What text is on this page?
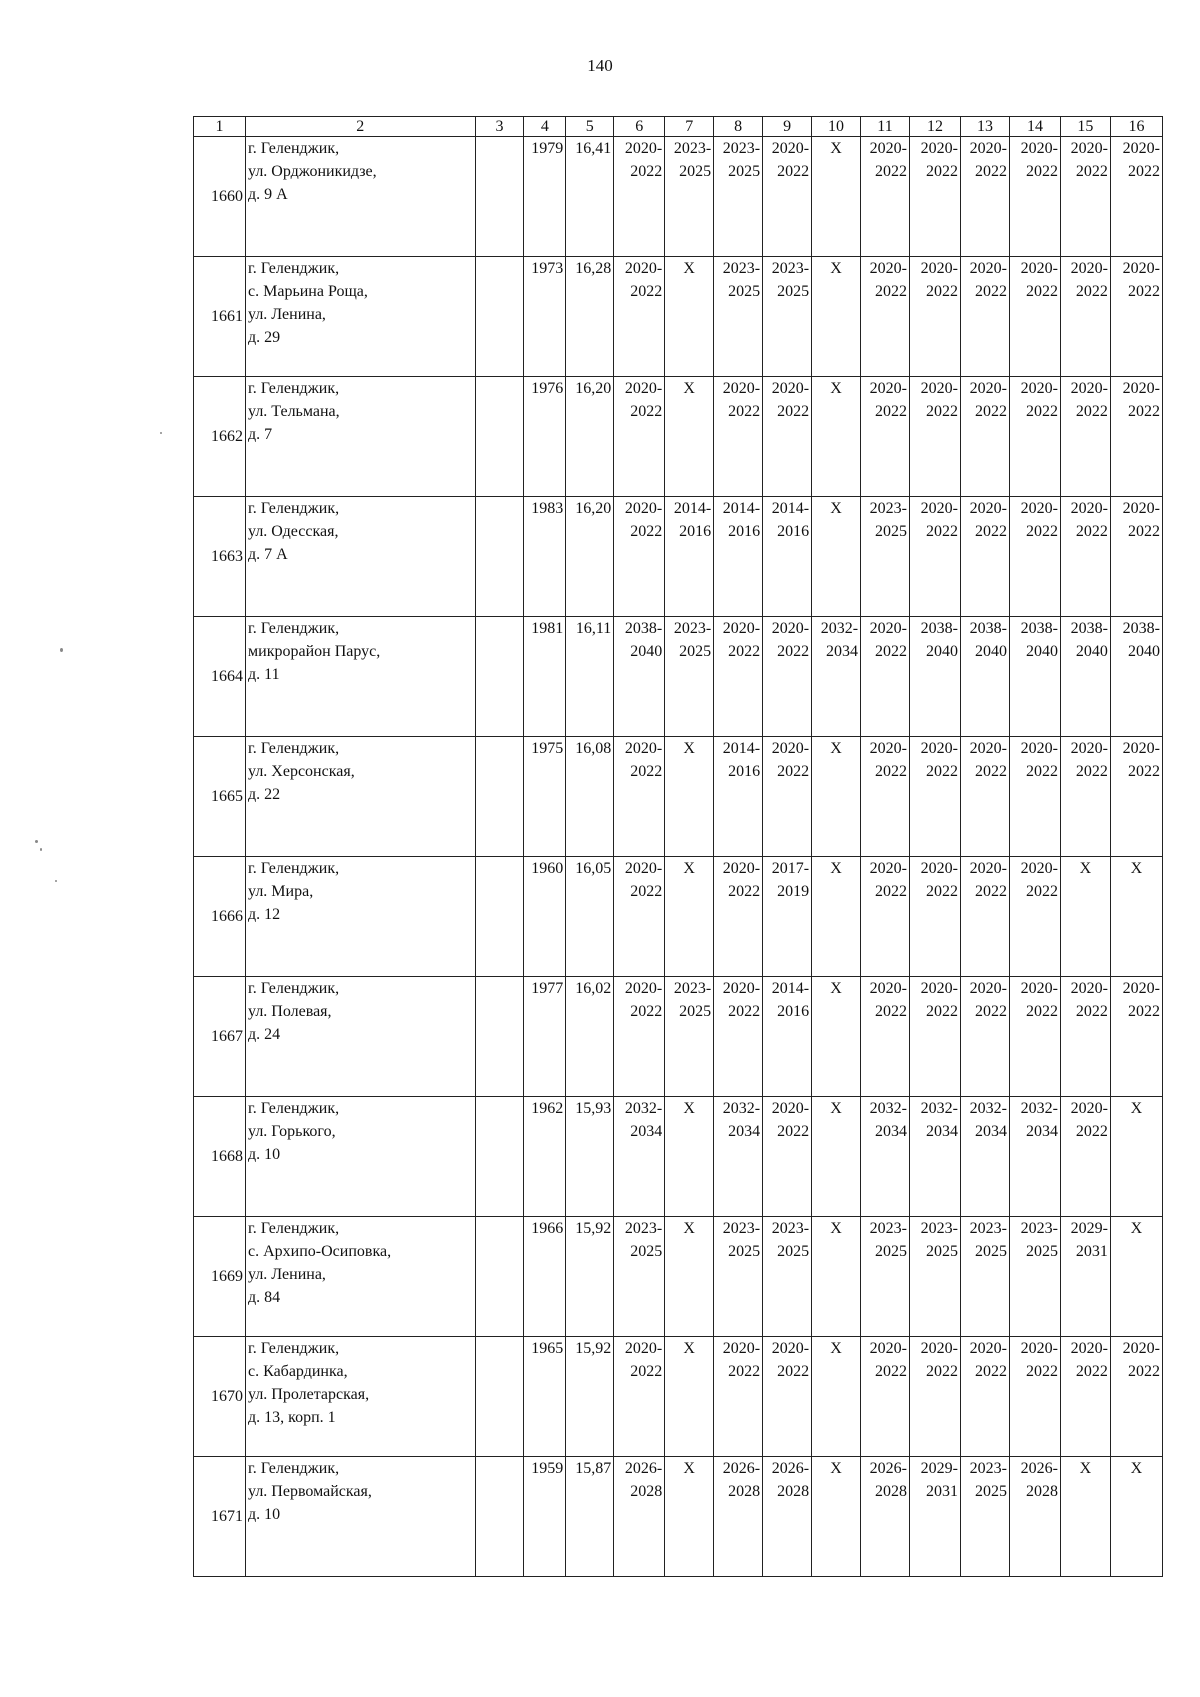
140
1	2	3	4	5	6	7	8	9	10	11	12	13	14	15	16
1660	г. Геленджик,
ул. Орджоникидзе,
д. 9 А		1979	16,41	2020-
2022	2023-
2025	2023-
2025	2020-
2022	X	2020-
2022	2020-
2022	2020-
2022	2020-
2022	2020-
2022	2020-
2022

1661	г. Геленджик,
с. Марьина Роща,
ул. Ленина,
д. 29		1973	16,28	2020-
2022	X	2023-
2025	2023-
2025	X	2020-
2022	2020-
2022	2020-
2022	2020-
2022	2020-
2022	2020-
2022

1662	г. Геленджик,
ул. Тельмана,
д. 7		1976	16,20	2020-
2022	X	2020-
2022	2020-
2022	X	2020-
2022	2020-
2022	2020-
2022	2020-
2022	2020-
2022	2020-
2022

1663	г. Геленджик,
ул. Одесская,
д. 7 А		1983	16,20	2020-
2022	2014-
2016	2014-
2016	2014-
2016	X	2023-
2025	2020-
2022	2020-
2022	2020-
2022	2020-
2022	2020-
2022

1664	г. Геленджик,
микрорайон Парус,
д. 11		1981	16,11	2038-
2040	2023-
2025	2020-
2022	2020-
2022	2032-
2034	2020-
2022	2038-
2040	2038-
2040	2038-
2040	2038-
2040	2038-
2040

1665	г. Геленджик,
ул. Херсонская,
д. 22		1975	16,08	2020-
2022	X	2014-
2016	2020-
2022	X	2020-
2022	2020-
2022	2020-
2022	2020-
2022	2020-
2022	2020-
2022

1666	г. Геленджик,
ул. Мира,
д. 12		1960	16,05	2020-
2022	X	2020-
2022	2017-
2019	X	2020-
2022	2020-
2022	2020-
2022	2020-
2022	X	X
1667	г. Геленджик,
ул. Полевая,
д. 24		1977	16,02	2020-
2022	2023-
2025	2020-
2022	2014-
2016	X	2020-
2022	2020-
2022	2020-
2022	2020-
2022	2020-
2022	2020-
2022

1668	г. Геленджик,
ул. Горького,
д. 10		1962	15,93	2032-
2034	X	2032-
2034	2020-
2022	X	2032-
2034	2032-
2034	2032-
2034	2032-
2034	2020-
2022	X
1669	г. Геленджик,
с. Архипо-Осиповка,
ул. Ленина,
д. 84		1966	15,92	2023-
2025	X	2023-
2025	2023-
2025	X	2023-
2025	2023-
2025	2023-
2025	2023-
2025	2029-
2031	X
1670	г. Геленджик,
с. Кабардинка,
ул. Пролетарская,
д. 13, корп. 1		1965	15,92	2020-
2022	X	2020-
2022	2020-
2022	X	2020-
2022	2020-
2022	2020-
2022	2020-
2022	2020-
2022	2020-
2022

1671	г. Геленджик,
ул. Первомайская,
д. 10		1959	15,87	2026-
2028	X	2026-
2028	2026-
2028	X	2026-
2028	2029-
2031	2023-
2025	2026-
2028	X	X
